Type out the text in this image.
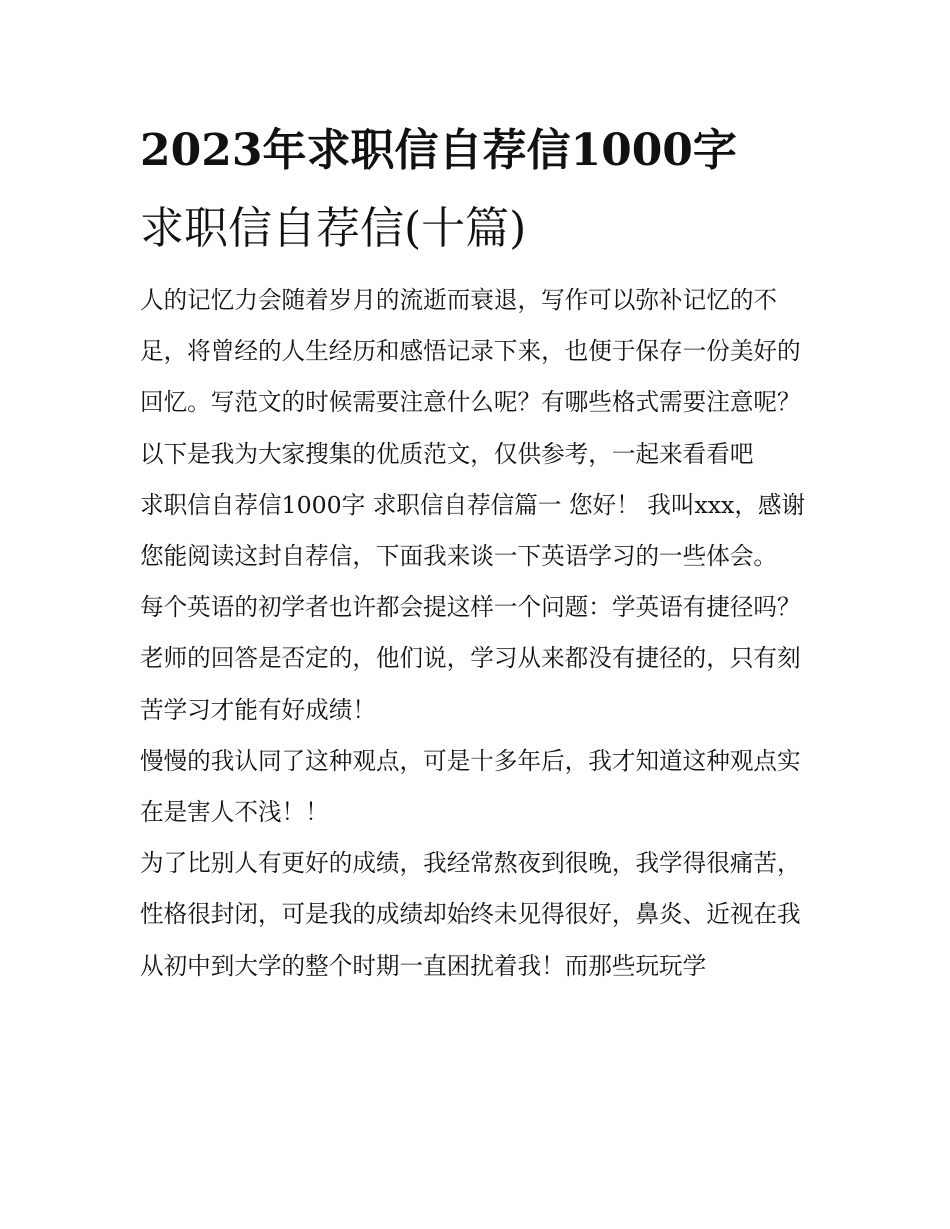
2023年求职信自荐信1000字
求职信自荐信(十篇)

人的记忆力会随着岁月的流逝而衰退，写作可以弥补记忆的不足，将曾经的人生经历和感悟记录下来，也便于保存一份美好的回忆。写范文的时候需要注意什么呢？有哪些格式需要注意呢？以下是我为大家搜集的优质范文，仅供参考，一起来看看吧

求职信自荐信1000字 求职信自荐信篇一 您好！ 我叫xxx，感谢您能阅读这封自荐信，下面我来谈一下英语学习的一些体会。

每个英语的初学者也许都会提这样一个问题：学英语有捷径吗？老师的回答是否定的，他们说，学习从来都没有捷径的，只有刻苦学习才能有好成绩！

慢慢的我认同了这种观点，可是十多年后，我才知道这种观点实在是害人不浅！！

为了比别人有更好的成绩，我经常熬夜到很晚，我学得很痛苦，性格很封闭，可是我的成绩却始终未见得很好，鼻炎、近视在我从初中到大学的整个时期一直困扰着我！而那些玩玩学
